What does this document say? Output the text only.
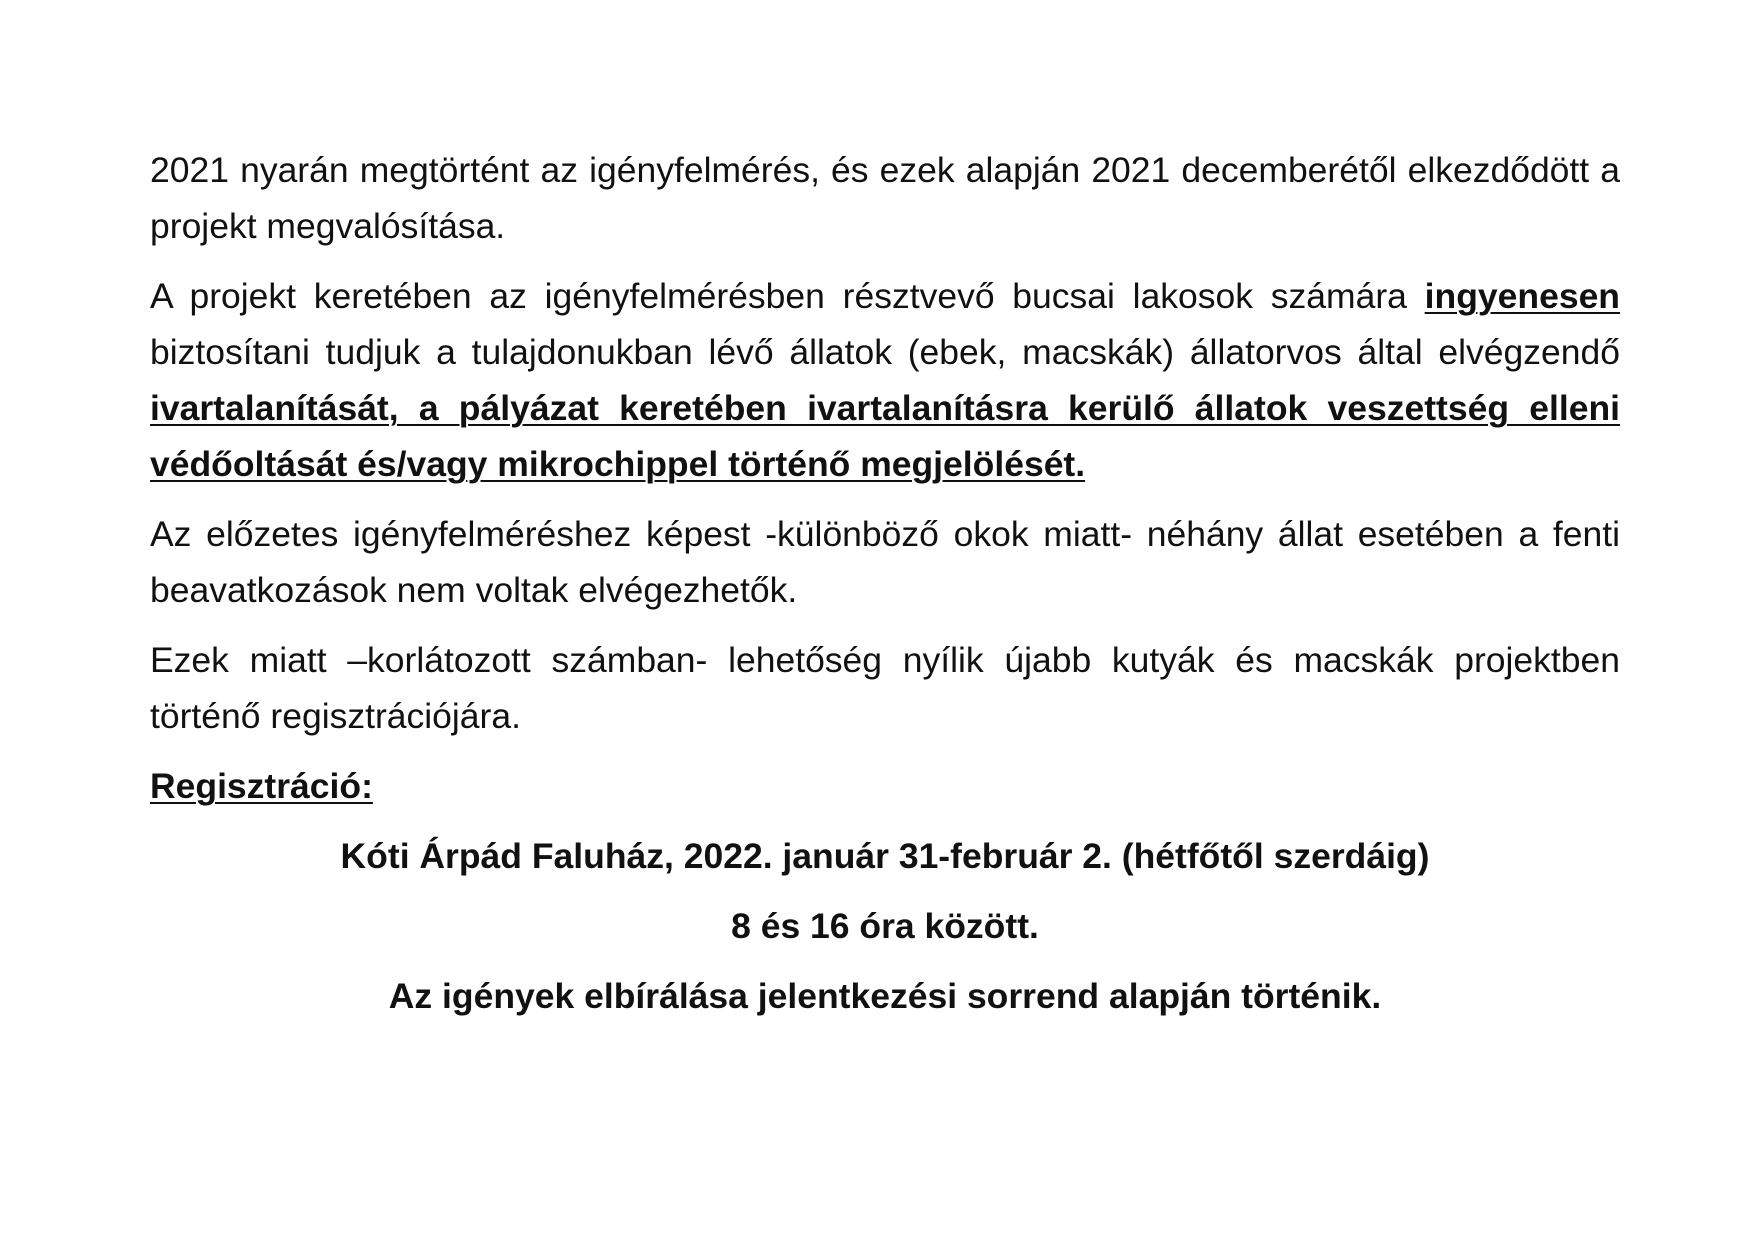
2021 nyarán megtörtént az igényfelmérés, és ezek alapján 2021 decemberétől elkezdődött a projekt megvalósítása.

A projekt keretében az igényfelmérésben résztvevő bucsai lakosok számára ingyenesen biztosítani tudjuk a tulajdonukban lévő állatok (ebek, macskák) állatorvos által elvégzendő ivartalanítását, a pályázat keretében ivartalanításra kerülő állatok veszettség elleni védőoltását és/vagy mikrochippel történő megjelölését.

Az előzetes igényfelméréshez képest -különböző okok miatt- néhány állat esetében a fenti beavatkozások nem voltak elvégezhetők.

Ezek miatt –korlátozott számban- lehetőség nyílik újabb kutyák és macskák projektben történő regisztrációjára.

Regisztráció:

Kóti Árpád Faluház, 2022. január 31-február 2. (hétfőtől szerdáig)

8 és 16 óra között.

Az igények elbírálása jelentkezési sorrend alapján történik.
